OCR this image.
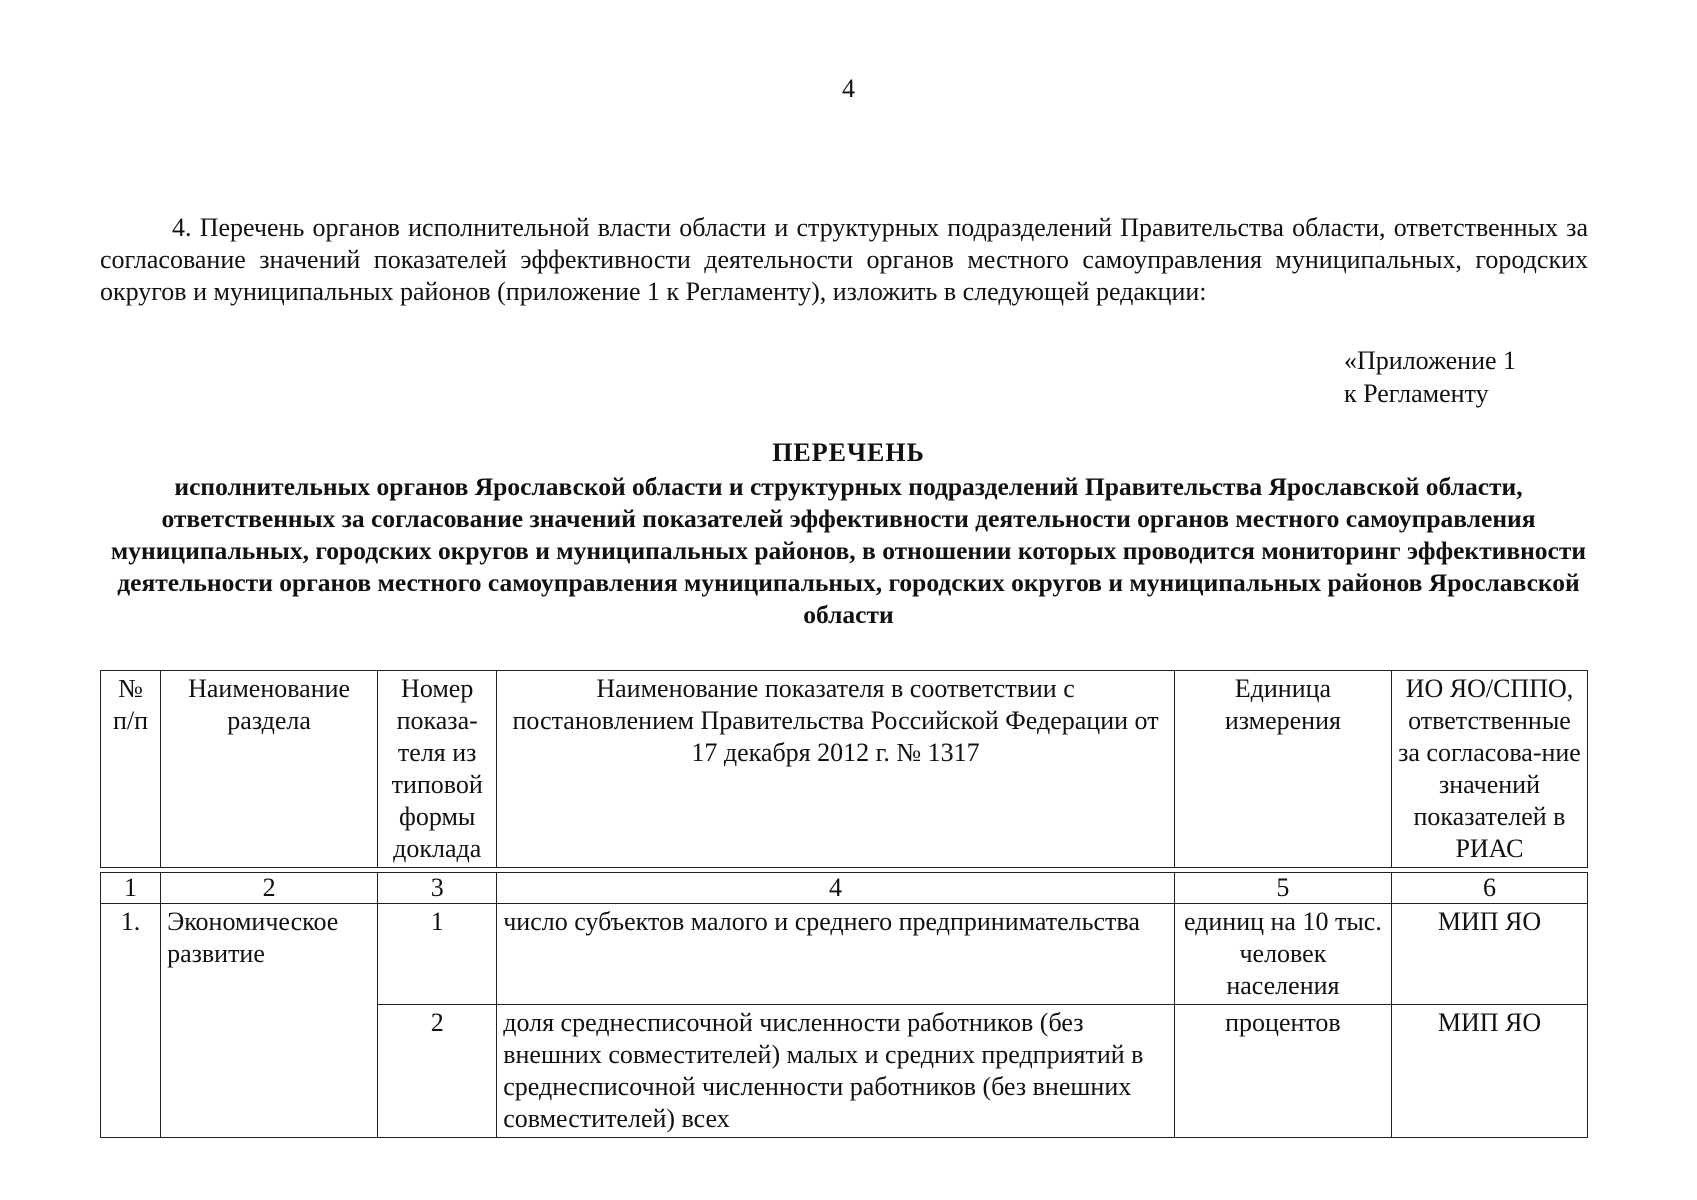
4

4. Перечень органов исполнительной власти области и структурных подразделений Правительства области, ответственных за согласование значений показателей эффективности деятельности органов местного самоуправления муниципальных, городских округов и муниципальных районов (приложение 1 к Регламенту), изложить в следующей редакции:

«Приложение 1
к Регламенту
ПЕРЕЧЕНЬ

исполнительных органов Ярославской области и структурных подразделений Правительства Ярославской области, ответственных за согласование значений показателей эффективности деятельности органов местного самоуправления муниципальных, городских округов и муниципальных районов, в отношении которых проводится мониторинг эффективности деятельности органов местного самоуправления муниципальных, городских округов и муниципальных районов Ярославской области

№ п/п	Наименование раздела	Номер показа-теля из типовой формы доклада	Наименование показателя в соответствии с постановлением Правительства Российской Федерации от 17 декабря 2012 г. № 1317	Единица измерения	ИО ЯО/СППО, ответственные за согласова-ние значений показателей в РИАС
1	2	3	4	5	6
1.	Экономическое развитие	1	число субъектов малого и среднего предпринимательства	единиц на 10 тыс. человек населения	МИП ЯО
		2	доля среднесписочной численности работников (без внешних совместителей) малых и средних предприятий в среднесписочной численности работников (без внешних совместителей) всех	процентов	МИП ЯО
